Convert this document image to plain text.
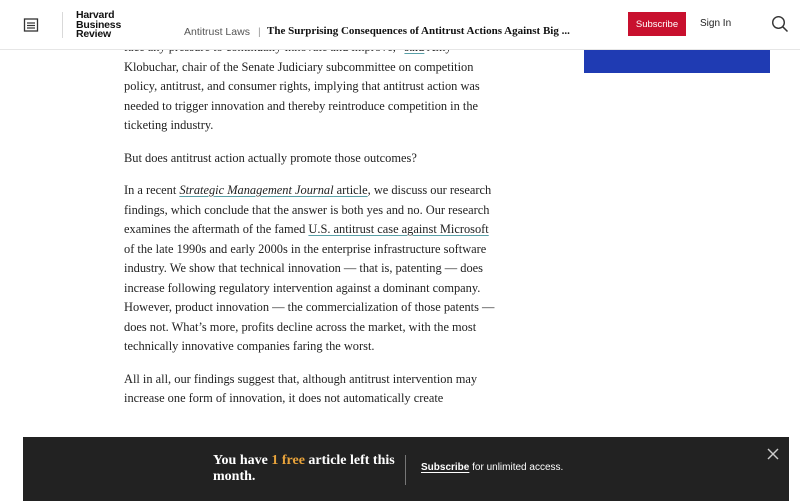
Harvard
Business
Review	Antitrust Laws | The Surprising Consequences of Antitrust Actions Against Big ...
Subscribe	Sign In

Klobuchar, chair of the Senate Judiciary subcommittee on competition policy, antitrust, and consumer rights, implying that antitrust action was needed to trigger innovation and thereby reintroduce competition in the ticketing industry.

But does antitrust action actually promote those outcomes?

In a recent Strategic Management Journal article, we discuss our research findings, which conclude that the answer is both yes and no. Our research examines the aftermath of the famed U.S. antitrust case against Microsoft of the late 1990s and early 2000s in the enterprise infrastructure software industry. We show that technical innovation — that is, patenting — does increase following regulatory intervention against a dominant company. However, product innovation — the commercialization of those patents — does not. What’s more, profits decline across the market, with the most technically innovative companies faring the worst.

All in all, our findings suggest that, although antitrust intervention may increase one form of innovation, it does not automatically create

You have 1 free article left this month.
Subscribe for unlimited access.
